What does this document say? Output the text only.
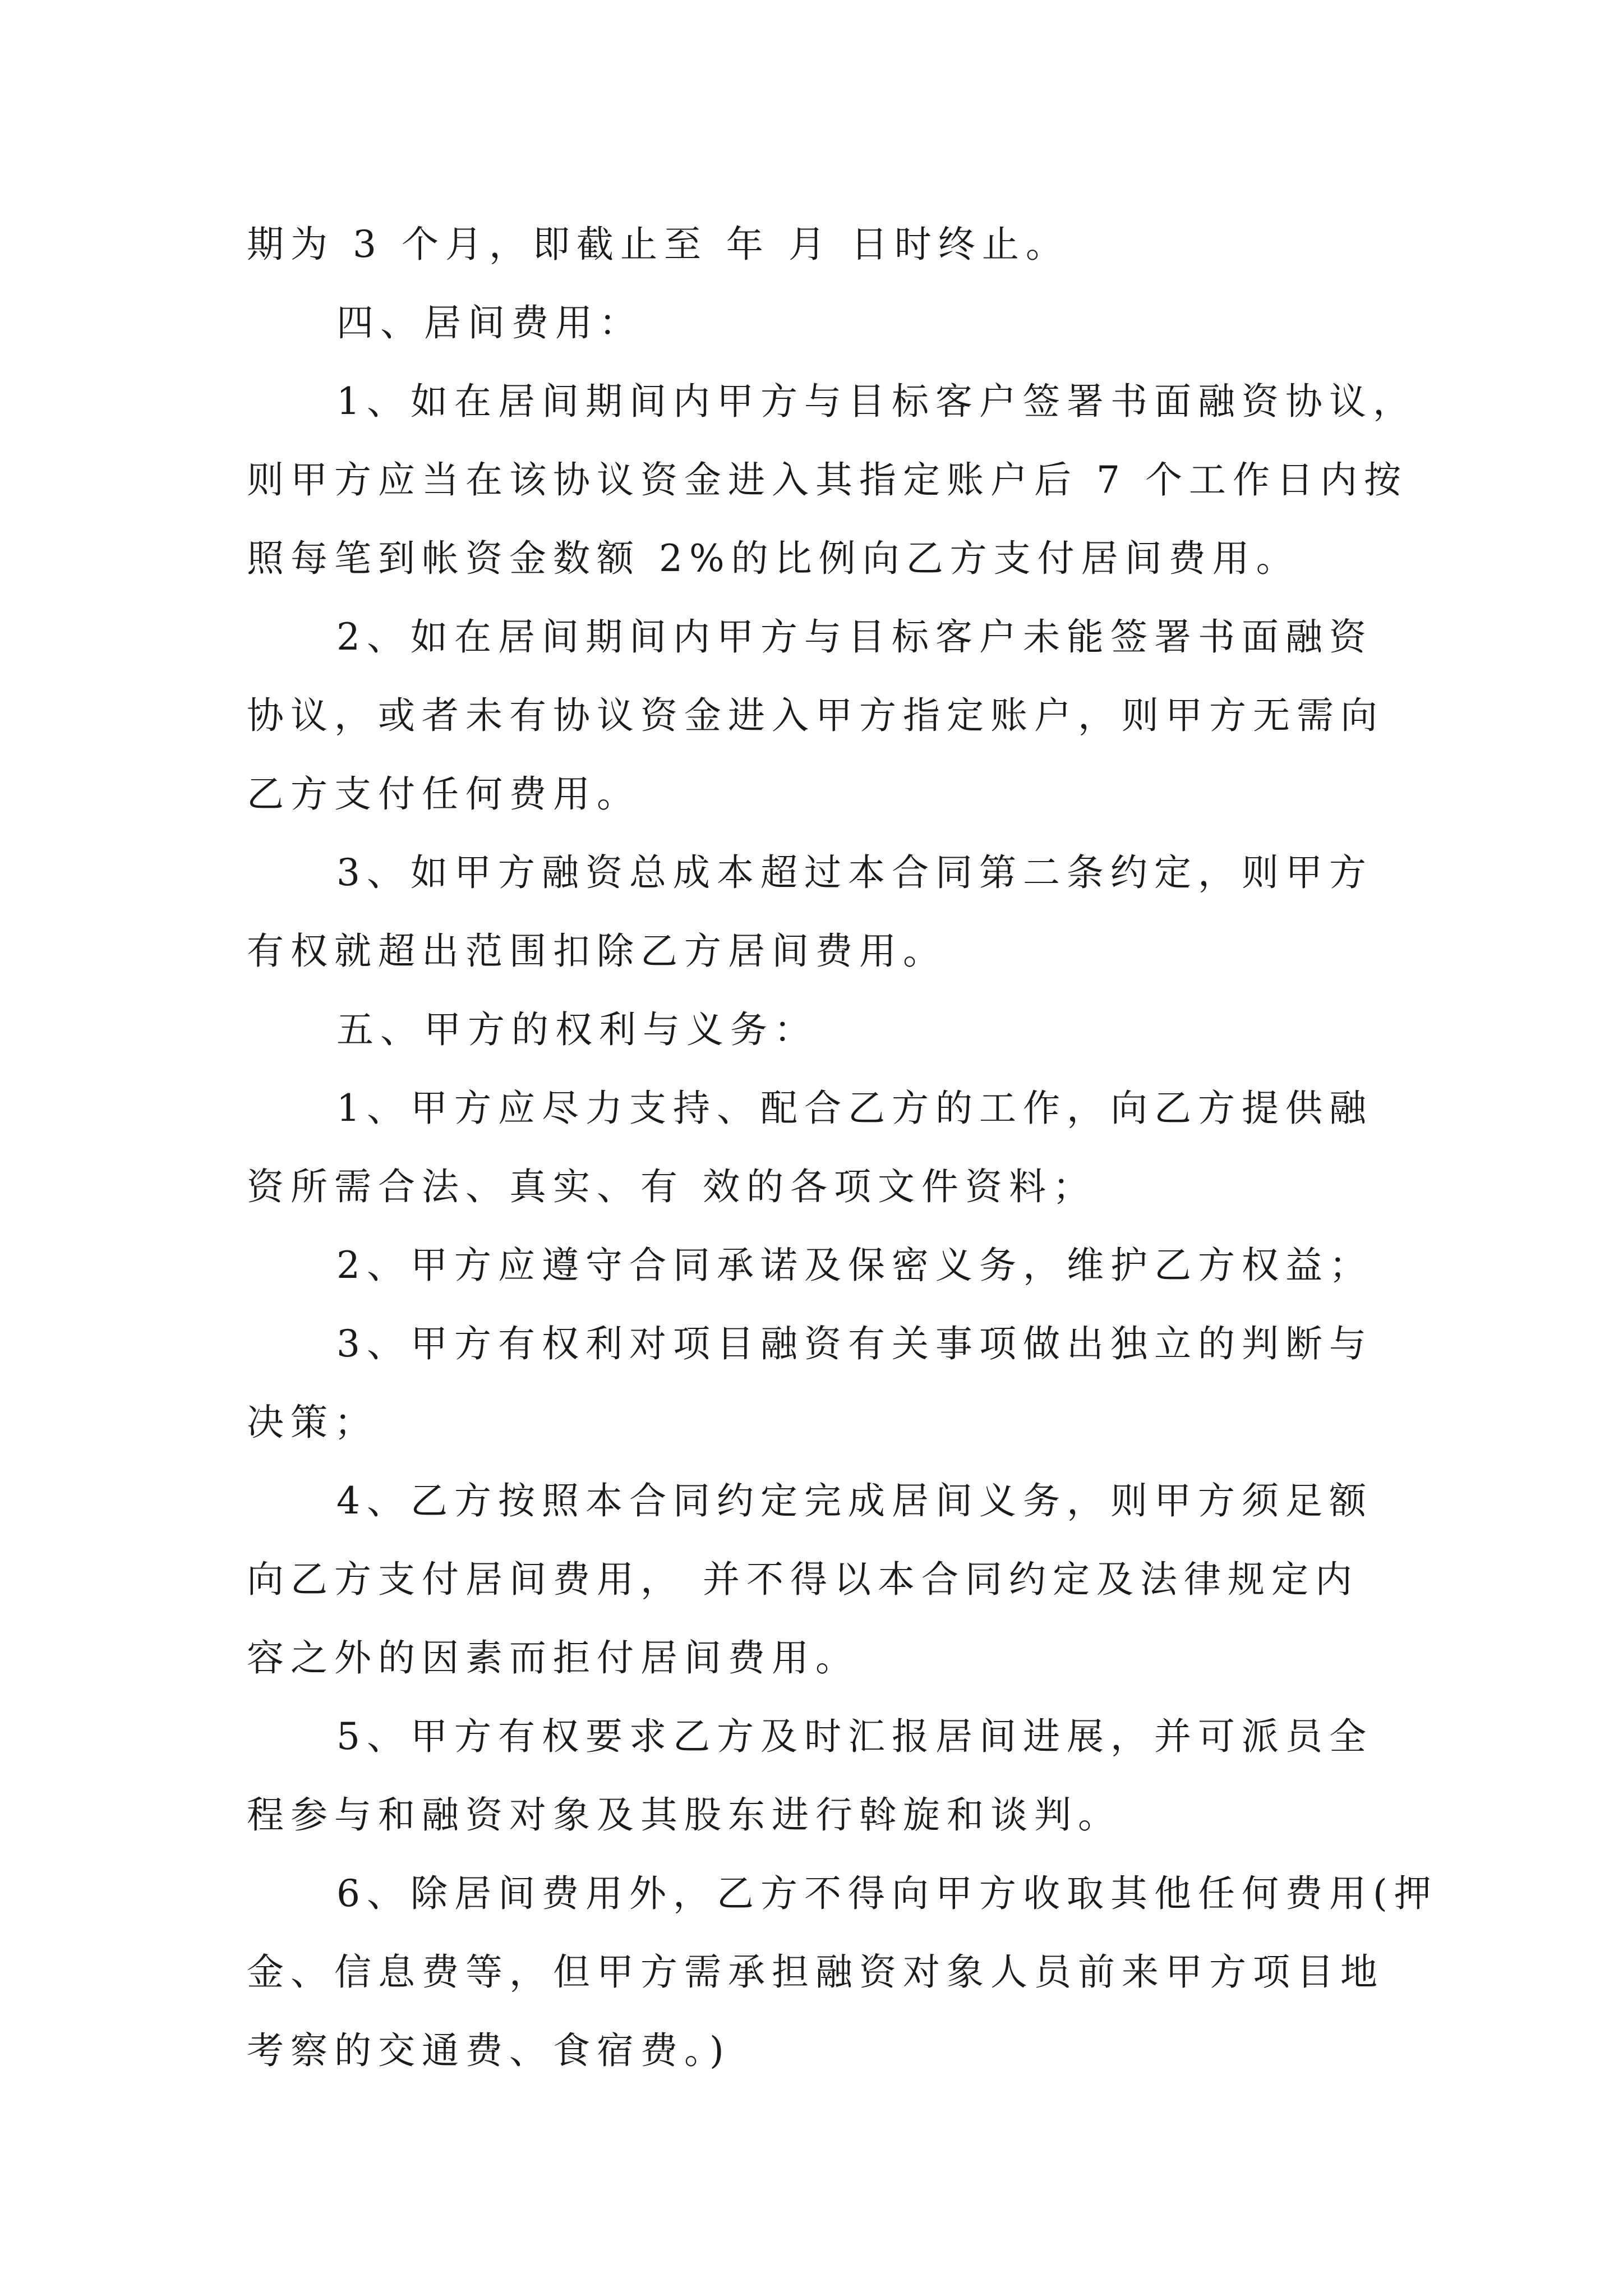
期为 3 个月，即截止至 年 月 日时终止。
四、居间费用：
1、如在居间期间内甲方与目标客户签署书面融资协议，
则甲方应当在该协议资金进入其指定账户后 7 个工作日内按
照每笔到帐资金数额 2%的比例向乙方支付居间费用。
2、如在居间期间内甲方与目标客户未能签署书面融资
协议，或者未有协议资金进入甲方指定账户，则甲方无需向
乙方支付任何费用。
3、如甲方融资总成本超过本合同第二条约定，则甲方
有权就超出范围扣除乙方居间费用。
五、甲方的权利与义务：
1、甲方应尽力支持、配合乙方的工作，向乙方提供融
资所需合法、真实、有 效的各项文件资料；
2、甲方应遵守合同承诺及保密义务，维护乙方权益；
3、甲方有权利对项目融资有关事项做出独立的判断与
决策；
4、乙方按照本合同约定完成居间义务，则甲方须足额
向乙方支付居间费用， 并不得以本合同约定及法律规定内
容之外的因素而拒付居间费用。
5、甲方有权要求乙方及时汇报居间进展，并可派员全
程参与和融资对象及其股东进行斡旋和谈判。
6、除居间费用外，乙方不得向甲方收取其他任何费用(押
金、信息费等，但甲方需承担融资对象人员前来甲方项目地
考察的交通费、食宿费。)
